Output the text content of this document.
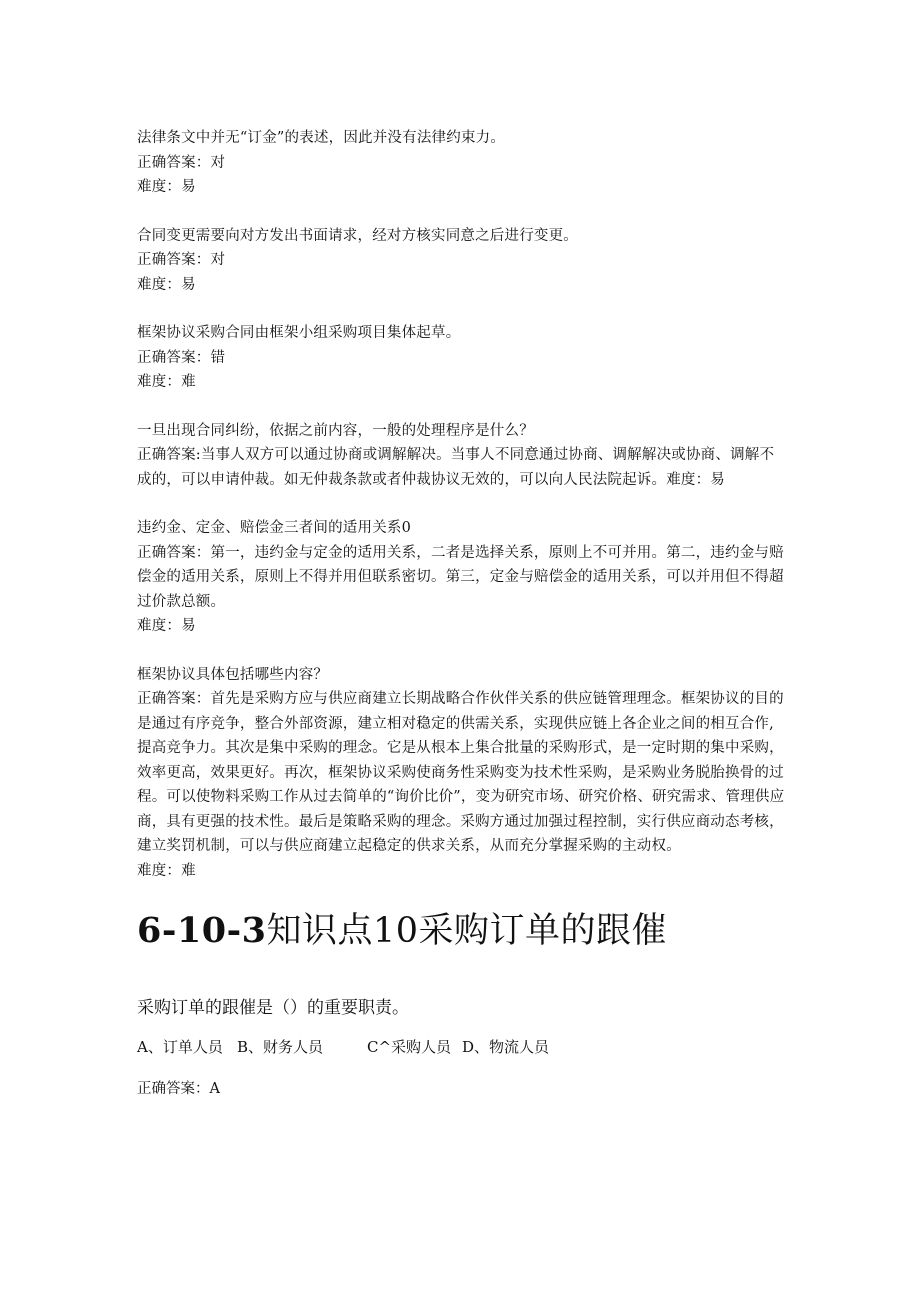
法律条文中并无“订金”的表述，因此并没有法律约束力。
正确答案：对
难度：易
合同变更需要向对方发出书面请求，经对方核实同意之后进行变更。
正确答案：对
难度：易
框架协议采购合同由框架小组采购项目集体起草。
正确答案：错
难度：难
一旦出现合同纠纷，依据之前内容，一般的处理程序是什么？
正确答案:当事人双方可以通过协商或调解解决。当事人不同意通过协商、调解解决或协商、调解不成的，可以申请仲裁。如无仲裁条款或者仲裁协议无效的，可以向人民法院起诉。难度：易
违约金、定金、赔偿金三者间的适用关系0
正确答案：第一，违约金与定金的适用关系，二者是选择关系，原则上不可并用。第二，违约金与赔偿金的适用关系，原则上不得并用但联系密切。第三，定金与赔偿金的适用关系，可以并用但不得超过价款总额。
难度：易
框架协议具体包括哪些内容？
正确答案：首先是采购方应与供应商建立长期战略合作伙伴关系的供应链管理理念。框架协议的目的是通过有序竞争，整合外部资源，建立相对稳定的供需关系，实现供应链上各企业之间的相互合作,提高竞争力。其次是集中采购的理念。它是从根本上集合批量的采购形式，是一定时期的集中采购，效率更高，效果更好。再次，框架协议采购使商务性采购变为技术性采购，是采购业务脱胎换骨的过程。可以使物料采购工作从过去简单的“询价比价”，变为研究市场、研究价格、研究需求、管理供应商，具有更强的技术性。最后是策略采购的理念。采购方通过加强过程控制，实行供应商动态考核，建立奖罚机制，可以与供应商建立起稳定的供求关系，从而充分掌握采购的主动权。
难度：难
6-10-3知识点10采购订单的跟催
采购订单的跟催是（）的重要职责。
A、订单人员 B、财务人员	C^采购人员 D、物流人员
正确答案：A
